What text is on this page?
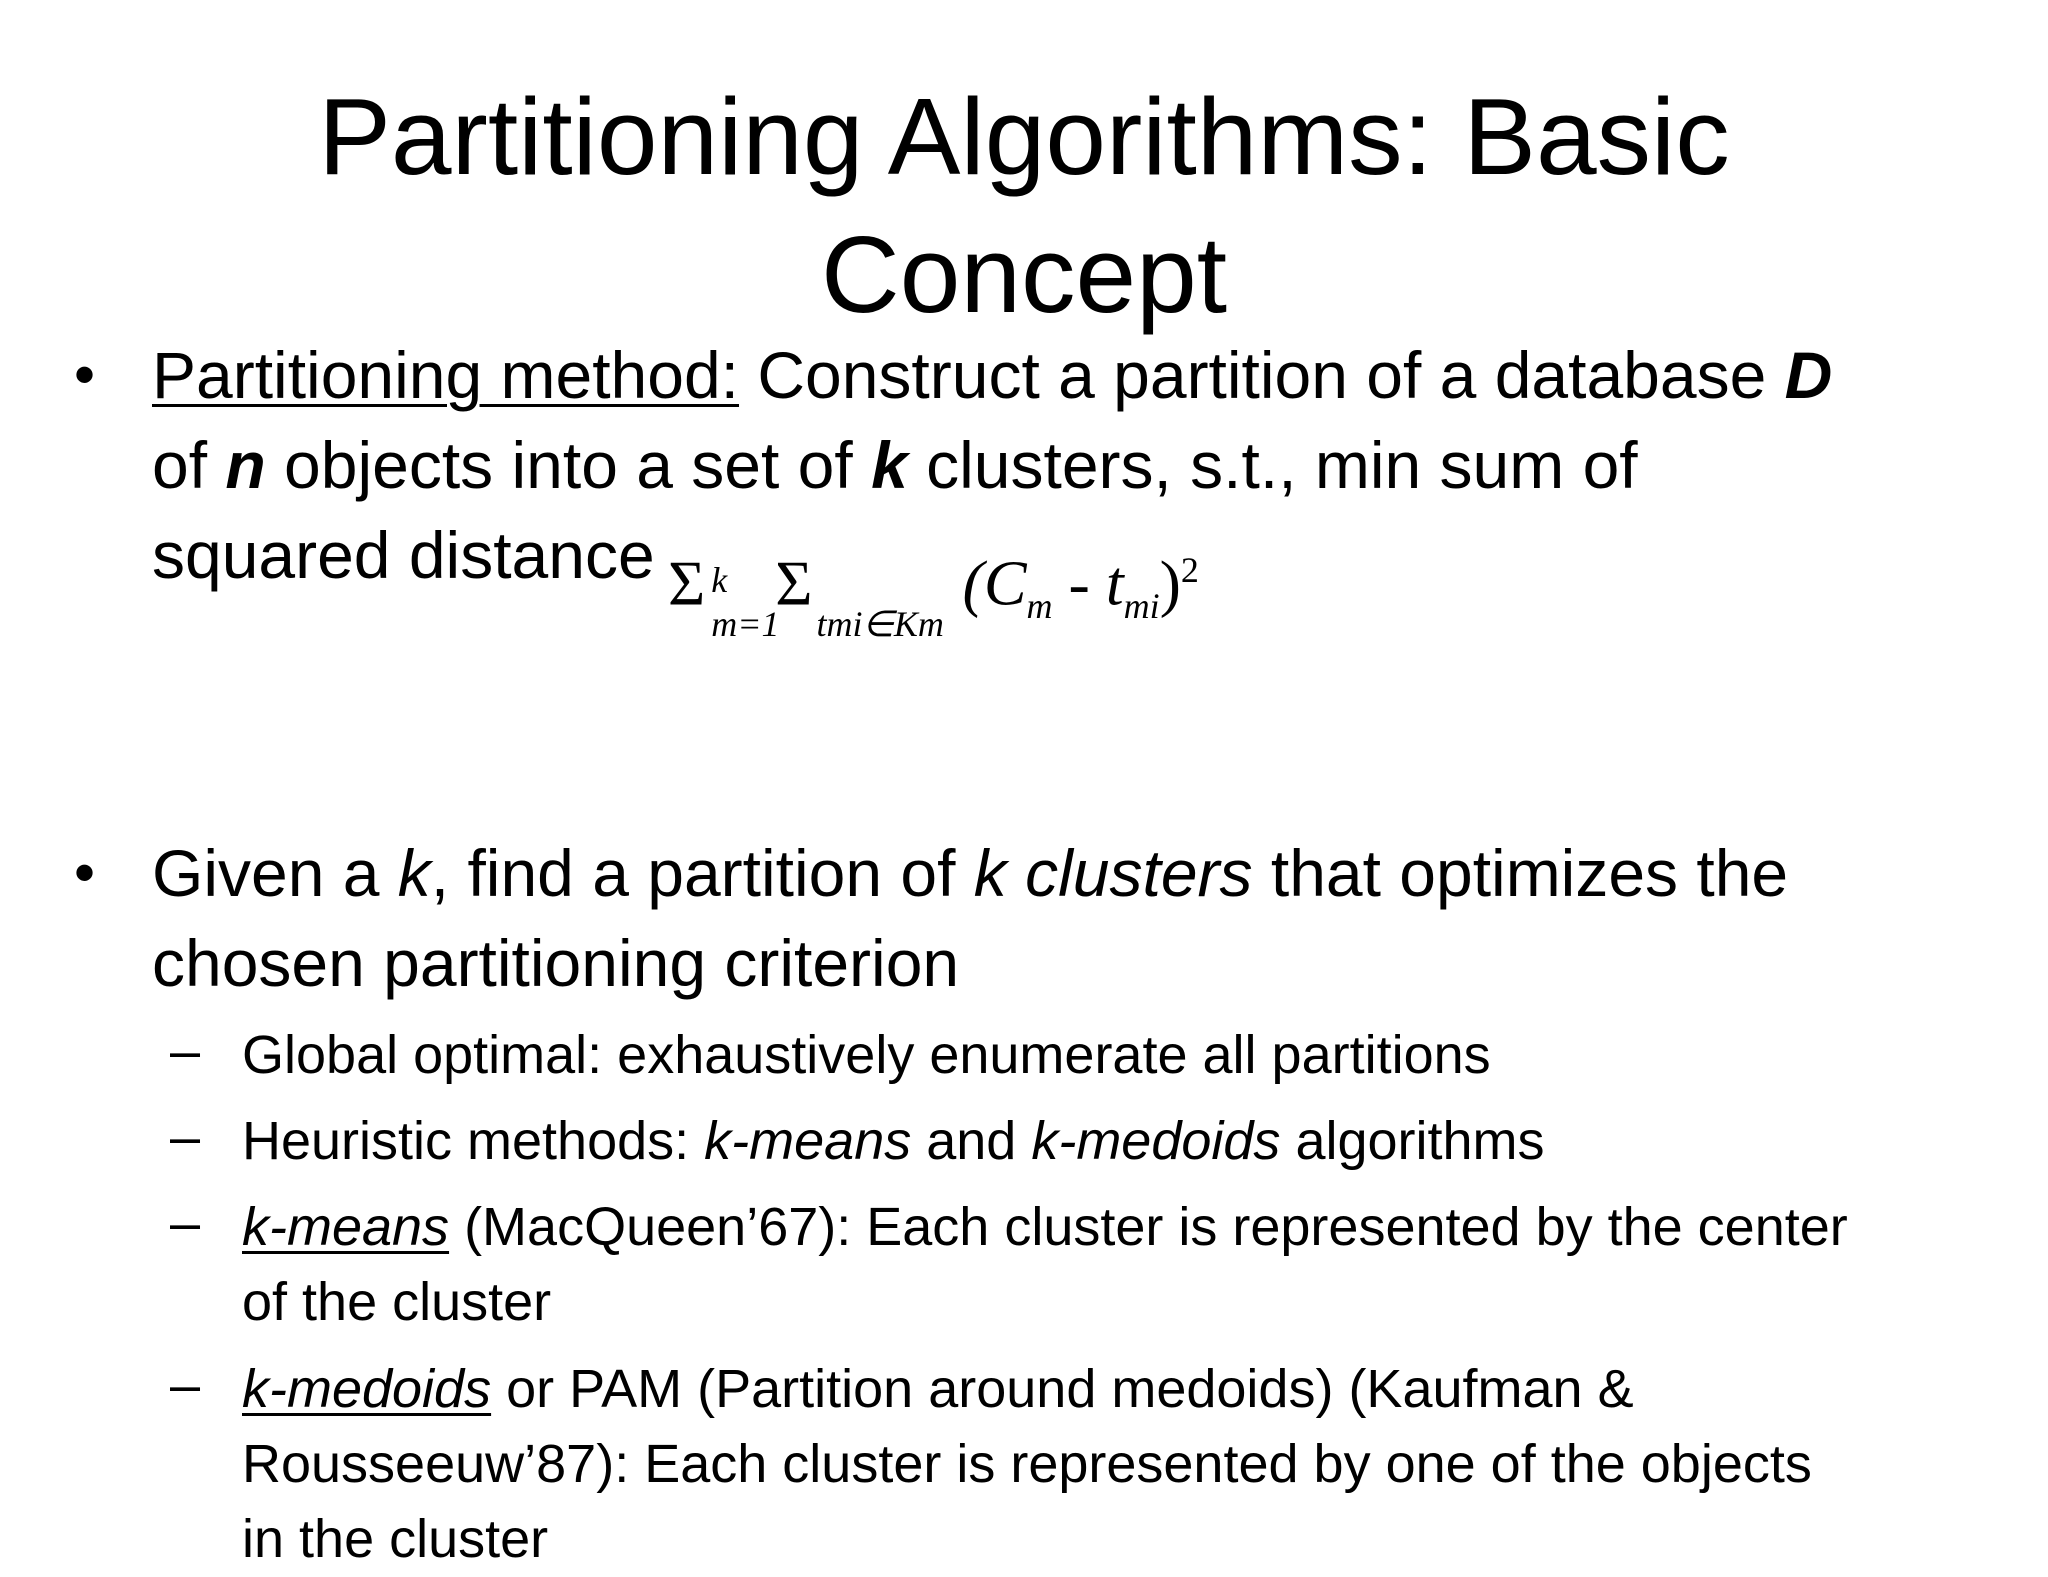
Partitioning Algorithms: Basic
Concept
• Partitioning method: Construct a partition of a database D
of n objects into a set of k clusters, s.t., min sum of
squared distance Σ k
m=1
Σ
tmi∈Km
$(C_m - t_{mi})^2$
• Given a k, find a partition of k clusters that optimizes the
chosen partitioning criterion
– Global optimal: exhaustively enumerate all partitions
– Heuristic methods: k-means and k-medoids algorithms
– k-means (MacQueen’67): Each cluster is represented by the center
of the cluster
– k-medoids or PAM (Partition around medoids) (Kaufman &
Rousseeuw’87): Each cluster is represented by one of the objects
in the cluster
